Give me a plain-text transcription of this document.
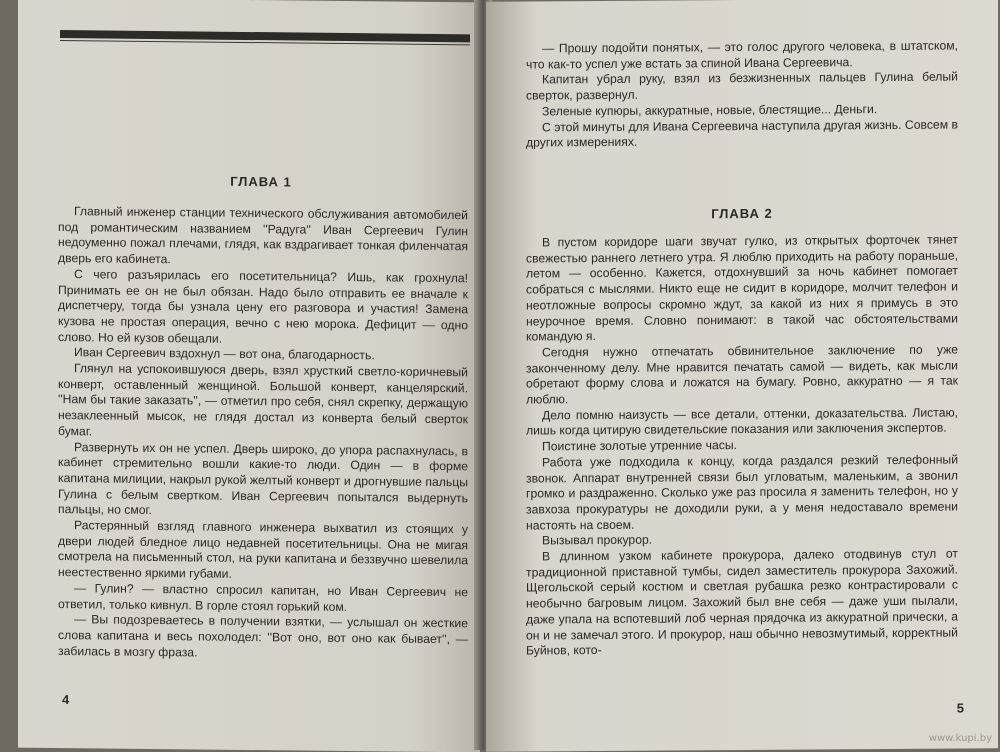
ГЛАВА 1

Главный инженер станции технического обслуживания автомобилей под романтическим названием ''Радуга'' Иван Сергеевич Гулин недоуменно пожал плечами, глядя, как вздрагивает тонкая филенчатая дверь его кабинета.

С чего разъярилась его посетительница? Ишь, как грохнула! Принимать ее он не был обязан. Надо было отправить ее вначале к диспетчеру, тогда бы узнала цену его разговора и участия! Замена кузова не простая операция, вечно с нею морока. Дефицит — одно слово. Но ей кузов обещали.

Иван Сергеевич вздохнул — вот она, благодарность.

Глянул на успокоившуюся дверь, взял хрусткий светло-коричневый конверт, оставленный женщиной. Большой конверт, канцелярский. ''Нам бы такие заказать'', — отметил про себя, снял скрепку, держащую незаклеенный мысок, не глядя достал из конверта белый сверток бумаг.

Развернуть их он не успел. Дверь широко, до упора распахнулась, в кабинет стремительно вошли какие-то люди. Один — в форме капитана милиции, накрыл рукой желтый конверт и дрогнувшие пальцы Гулина с белым свертком. Иван Сергеевич попытался выдернуть пальцы, но смог.

Растерянный взгляд главного инженера выхватил из стоящих у двери людей бледное лицо недавней посетительницы. Она не мигая смотрела на письменный стол, на руки капитана и беззвучно шевелила неестественно яркими губами.

— Гулин? — властно спросил капитан, но Иван Сергеевич не ответил, только кивнул. В горле стоял горький ком.

— Вы подозреваетесь в получении взятки, — услышал он жесткие слова капитана и весь похолодел: ''Вот оно, вот оно как бывает'', — забилась в мозгу фраза.

4

— Прошу подойти понятых, — это голос другого человека, в штатском, что как-то успел уже встать за спиной Ивана Сергеевича.

Капитан убрал руку, взял из безжизненных пальцев Гулина белый сверток, развернул.

Зеленые купюры, аккуратные, новые, блестящие... Деньги.

С этой минуты для Ивана Сергеевича наступила другая жизнь. Совсем в других измерениях.

ГЛАВА 2

В пустом коридоре шаги звучат гулко, из открытых форточек тянет свежестью раннего летнего утра. Я люблю приходить на работу пораньше, летом — особенно. Кажется, отдохнувший за ночь кабинет помогает собраться с мыслями. Никто еще не сидит в коридоре, молчит телефон и неотложные вопросы скромно ждут, за какой из них я примусь в это неурочное время. Словно понимают: в такой час обстоятельствами командую я.

Сегодня нужно отпечатать обвинительное заключение по уже законченному делу. Мне нравится печатать самой — видеть, как мысли обретают форму слова и ложатся на бумагу. Ровно, аккуратно — я так люблю.

Дело помню наизусть — все детали, оттенки, доказательства. Листаю, лишь когда цитирую свидетельские показания или заключения экспертов.

Поистине золотые утренние часы.

Работа уже подходила к концу, когда раздался резкий телефонный звонок. Аппарат внутренней связи был угловатым, маленьким, а звонил громко и раздраженно. Сколько уже раз просила я заменить телефон, но у завхоза прокуратуры не доходили руки, а у меня недоставало времени настоять на своем.

Вызывал прокурор.

В длинном узком кабинете прокурора, далеко отодвинув стул от традиционной приставной тумбы, сидел заместитель прокурора Захожий. Щегольской серый костюм и светлая рубашка резко контрастировали с необычно багровым лицом. Захожий был вне себя — даже уши пылали, даже упала на вспотевший лоб черная прядочка из аккуратной прически, а он и не замечал этого. И прокурор, наш обычно невозмутимый, корректный Буйнов, кото-

5
www.kupi.by
